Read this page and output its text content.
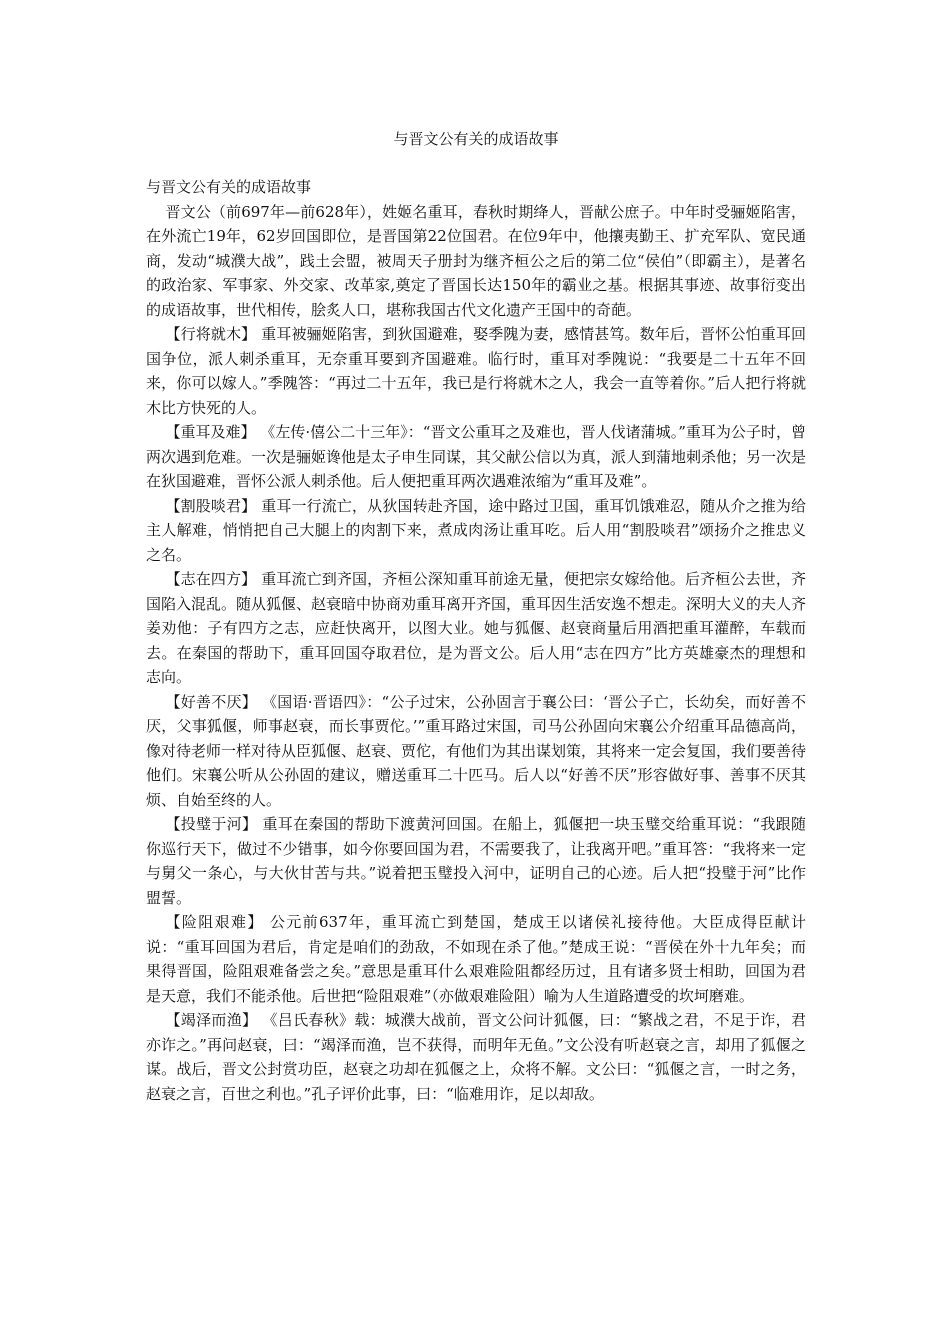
与晋文公有关的成语故事

与晋文公有关的成语故事

晋文公（前697年—前628年），姓姬名重耳，春秋时期绛人，晋献公庶子。中年时受骊姬陷害，在外流亡19年，62岁回国即位，是晋国第22位国君。在位9年中，他攘夷勤王、扩充军队、宽民通商，发动“城濮大战”，践土会盟，被周天子册封为继齐桓公之后的第二位“侯伯”（即霸主），是著名的政治家、军事家、外交家、改革家,奠定了晋国长达150年的霸业之基。根据其事迹、故事衍变出的成语故事，世代相传，脍炙人口，堪称我国古代文化遗产王国中的奇葩。

【行将就木】 重耳被骊姬陷害，到狄国避难，娶季隗为妻，感情甚笃。数年后，晋怀公怕重耳回国争位，派人刺杀重耳，无奈重耳要到齐国避难。临行时，重耳对季隗说：“我要是二十五年不回来，你可以嫁人。”季隗答：“再过二十五年，我已是行将就木之人，我会一直等着你。”后人把行将就木比方快死的人。

【重耳及难】 《左传·僖公二十三年》：“晋文公重耳之及难也，晋人伐诸蒲城。”重耳为公子时，曾两次遇到危难。一次是骊姬谗他是太子申生同谋，其父献公信以为真，派人到蒲地刺杀他；另一次是在狄国避难，晋怀公派人刺杀他。后人便把重耳两次遇难浓缩为“重耳及难”。

【割股啖君】 重耳一行流亡，从狄国转赴齐国，途中路过卫国，重耳饥饿难忍，随从介之推为给主人解难，悄悄把自己大腿上的肉割下来，煮成肉汤让重耳吃。后人用“割股啖君”颂扬介之推忠义之名。

【志在四方】 重耳流亡到齐国，齐桓公深知重耳前途无量，便把宗女嫁给他。后齐桓公去世，齐国陷入混乱。随从狐偃、赵衰暗中协商劝重耳离开齐国，重耳因生活安逸不想走。深明大义的夫人齐姜劝他：子有四方之志，应赶快离开，以图大业。她与狐偃、赵衰商量后用酒把重耳灌醉，车载而去。在秦国的帮助下，重耳回国夺取君位，是为晋文公。后人用“志在四方”比方英雄豪杰的理想和志向。

【好善不厌】 《国语·晋语四》：“公子过宋，公孙固言于襄公曰：‘晋公子亡，长幼矣，而好善不厌，父事狐偃，师事赵衰，而长事贾佗。’”重耳路过宋国，司马公孙固向宋襄公介绍重耳品德高尚，像对待老师一样对待从臣狐偃、赵衰、贾佗，有他们为其出谋划策，其将来一定会复国，我们要善待他们。宋襄公听从公孙固的建议，赠送重耳二十匹马。后人以“好善不厌”形容做好事、善事不厌其烦、自始至终的人。

【投璧于河】 重耳在秦国的帮助下渡黄河回国。在船上，狐偃把一块玉璧交给重耳说：“我跟随你巡行天下，做过不少错事，如今你要回国为君，不需要我了，让我离开吧。”重耳答：“我将来一定与舅父一条心，与大伙甘苦与共。”说着把玉璧投入河中，证明自己的心迹。后人把“投璧于河”比作盟誓。

【险阻艰难】 公元前637年，重耳流亡到楚国，楚成王以诸侯礼接待他。大臣成得臣献计说：“重耳回国为君后，肯定是咱们的劲敌，不如现在杀了他。”楚成王说：“晋侯在外十九年矣；而果得晋国，险阻艰难备尝之矣。”意思是重耳什么艰难险阻都经历过，且有诸多贤士相助，回国为君是天意，我们不能杀他。后世把“险阻艰难”（亦做艰难险阻）喻为人生道路遭受的坎坷磨难。

【竭泽而渔】 《吕氏春秋》载：城濮大战前，晋文公问计狐偃，曰：“繁战之君，不足于诈，君亦诈之。”再问赵衰，曰：“竭泽而渔，岂不获得，而明年无鱼。”文公没有听赵衰之言，却用了狐偃之谋。战后，晋文公封赏功臣，赵衰之功却在狐偃之上，众将不解。文公曰：“狐偃之言，一时之务，赵衰之言，百世之利也。”孔子评价此事，曰：“临难用诈，足以却敌。
